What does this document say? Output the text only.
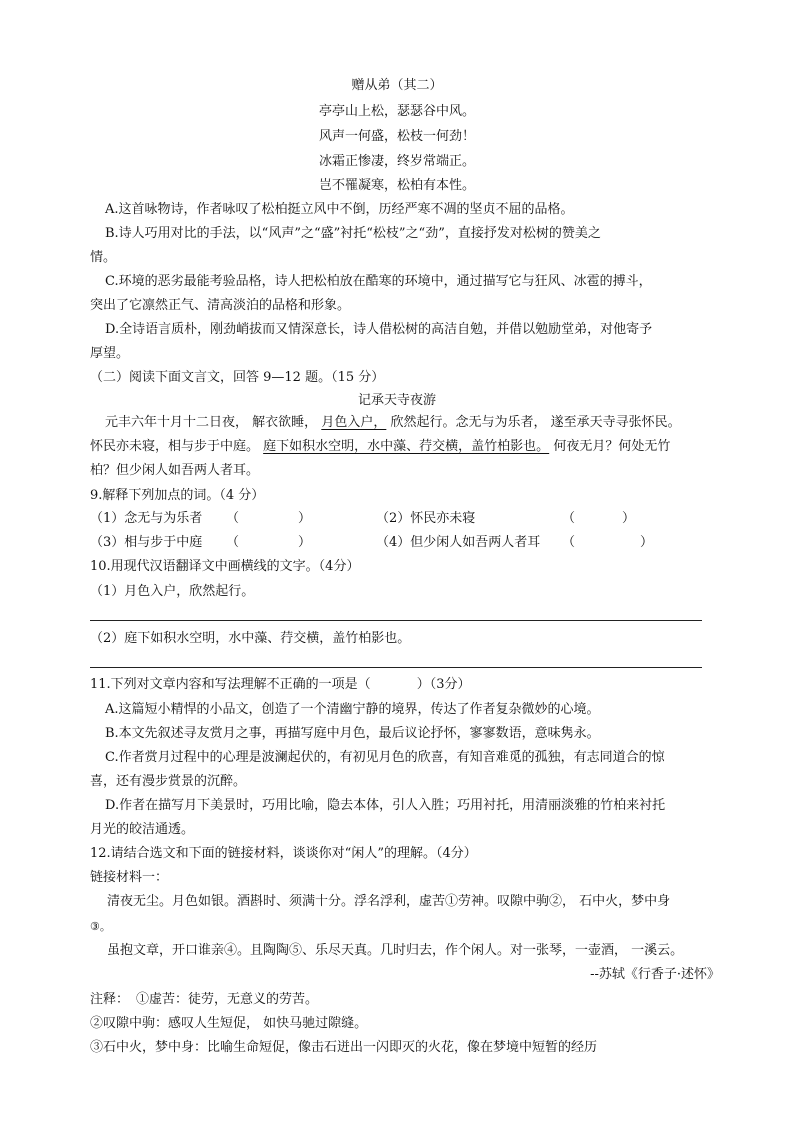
赠从弟（其二）
亭亭山上松，瑟瑟谷中风。
风声一何盛，松枝一何劲！
冰霜正惨凄，终岁常端正。
岂不罹凝寒，松柏有本性。
A.这首咏物诗，作者咏叹了松柏挺立风中不倒，历经严寒不凋的坚贞不屈的品格。
B.诗人巧用对比的手法，以“风声”之“盛”衬托“松枝”之“劲”，直接抒发对松树的赞美之
情。
C.环境的恶劣最能考验品格，诗人把松柏放在酷寒的环境中，通过描写它与狂风、冰雹的搏斗，
突出了它凛然正气、清高淡泊的品格和形象。
D.全诗语言质朴，刚劲峭拔而又情深意长，诗人借松树的高洁自勉，并借以勉励堂弟，对他寄予
厚望。
（二）阅读下面文言文，回答 9—12 题。（15 分）
记承天寺夜游
元丰六年十月十二日夜， 解衣欲睡， 月色入户， 欣然起行。念无与为乐者， 遂至承天寺寻张怀民。
怀民亦未寝，相与步于中庭。 庭下如积水空明，水中藻、荇交横，盖竹柏影也。 何夜无月？何处无竹
柏？但少闲人如吾两人者耳。
9.解释下列加点的词。（4 分）
（1）念无与为乐者 （	）	（2）怀民亦未寝	（	）
（3）相与步于中庭 （	）	（4）但少闲人如吾两人者耳 （	）
10.用现代汉语翻译文中画横线的文字。（4分）
（1）月色入户，欣然起行。
（2）庭下如积水空明，水中藻、荇交横，盖竹柏影也。
11.下列对文章内容和写法理解不正确的一项是（	）（3分）
A.这篇短小精悍的小品文，创造了一个清幽宁静的境界，传达了作者复杂微妙的心境。
B.本文先叙述寻友赏月之事，再描写庭中月色，最后议论抒怀，寥寥数语，意味隽永。
C.作者赏月过程中的心理是波澜起伏的，有初见月色的欣喜，有知音难觅的孤独，有志同道合的惊
喜，还有漫步赏景的沉醉。
D.作者在描写月下美景时，巧用比喻，隐去本体，引人入胜；巧用衬托，用清丽淡雅的竹柏来衬托
月光的皎洁通透。
12.请结合选文和下面的链接材料，谈谈你对“闲人”的理解。（4分）
链接材料一：
清夜无尘。月色如银。酒斟时、须满十分。浮名浮利，虚苦①劳神。叹隙中驹②， 石中火，梦中身
③。
虽抱文章，开口谁亲④。且陶陶⑤、乐尽天真。几时归去，作个闲人。对一张琴，一壶酒， 一溪云。
--苏轼《行香子·述怀》
注释： ①虚苦：徒劳，无意义的劳苦。
②叹隙中驹：感叹人生短促， 如快马驰过隙缝。
③石中火，梦中身：比喻生命短促，像击石迸出一闪即灭的火花，像在梦境中短暂的经历
